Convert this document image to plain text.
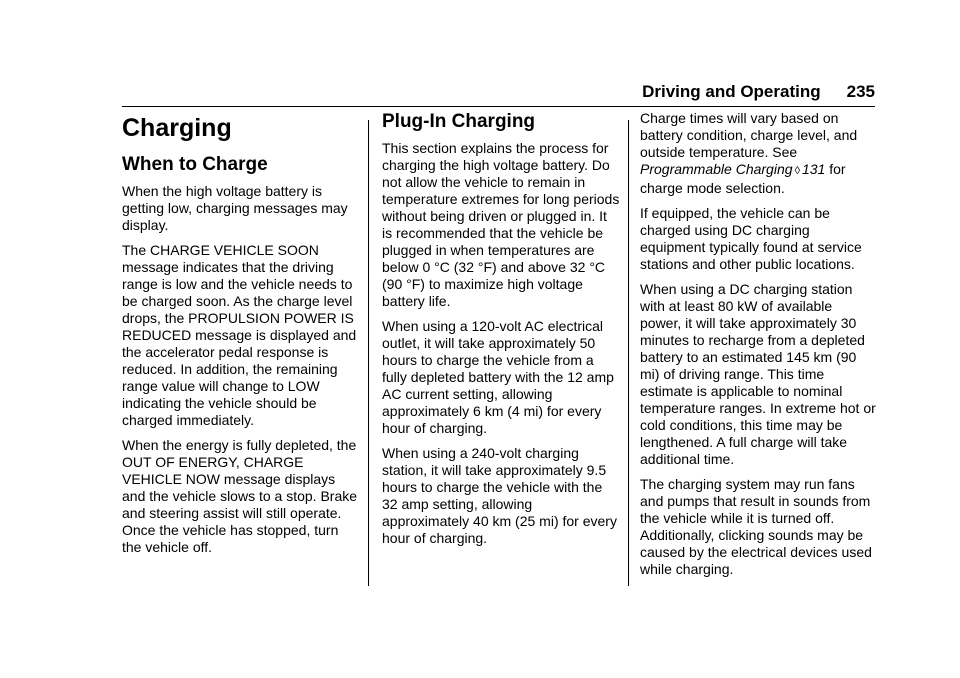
Driving and Operating 235
Charging
When to Charge

When the high voltage battery is getting low, charging messages may display.

The CHARGE VEHICLE SOON message indicates that the driving range is low and the vehicle needs to be charged soon. As the charge level drops, the PROPULSION POWER IS REDUCED message is displayed and the accelerator pedal response is reduced. In addition, the remaining range value will change to LOW indicating the vehicle should be charged immediately.

When the energy is fully depleted, the OUT OF ENERGY, CHARGE VEHICLE NOW message displays and the vehicle slows to a stop. Brake and steering assist will still operate. Once the vehicle has stopped, turn the vehicle off.

Plug-In Charging

This section explains the process for charging the high voltage battery. Do not allow the vehicle to remain in temperature extremes for long periods without being driven or plugged in. It is recommended that the vehicle be plugged in when temperatures are below 0 °C (32 °F) and above 32 °C (90 °F) to maximize high voltage battery life.

When using a 120-volt AC electrical outlet, it will take approximately 50 hours to charge the vehicle from a fully depleted battery with the 12 amp AC current setting, allowing approximately 6 km (4 mi) for every hour of charging.

When using a 240-volt charging station, it will take approximately 9.5 hours to charge the vehicle with the 32 amp setting, allowing approximately 40 km (25 mi) for every hour of charging.

Charge times will vary based on battery condition, charge level, and outside temperature. See Programmable Charging ◊ 131 for charge mode selection.

If equipped, the vehicle can be charged using DC charging equipment typically found at service stations and other public locations.

When using a DC charging station with at least 80 kW of available power, it will take approximately 30 minutes to recharge from a depleted battery to an estimated 145 km (90 mi) of driving range. This time estimate is applicable to nominal temperature ranges. In extreme hot or cold conditions, this time may be lengthened. A full charge will take additional time.

The charging system may run fans and pumps that result in sounds from the vehicle while it is turned off. Additionally, clicking sounds may be caused by the electrical devices used while charging.
